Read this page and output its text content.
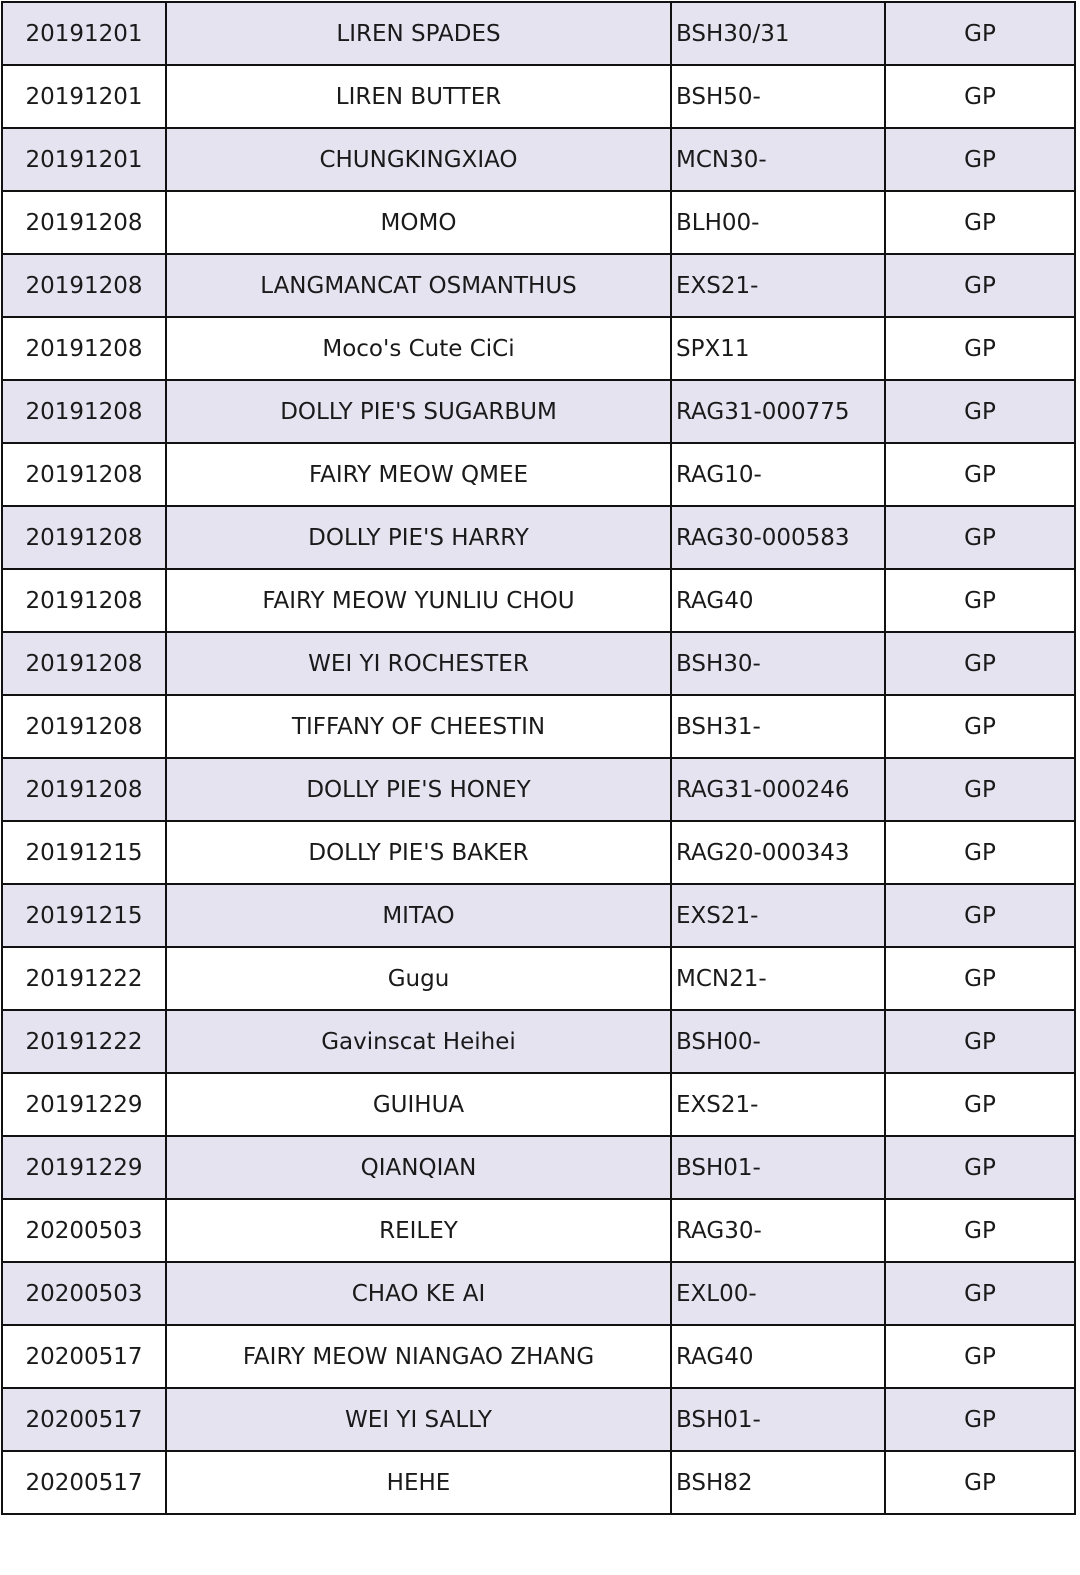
20191201	LIREN SPADES	BSH30/31	GP
20191201	LIREN BUTTER	BSH50-	GP
20191201	CHUNGKINGXIAO	MCN30-	GP
20191208	MOMO	BLH00-	GP
20191208	LANGMANCAT OSMANTHUS	EXS21-	GP
20191208	Moco's Cute CiCi	SPX11	GP
20191208	DOLLY PIE'S SUGARBUM	RAG31-000775	GP
20191208	FAIRY MEOW QMEE	RAG10-	GP
20191208	DOLLY PIE'S HARRY	RAG30-000583	GP
20191208	FAIRY MEOW YUNLIU CHOU	RAG40	GP
20191208	WEI YI ROCHESTER	BSH30-	GP
20191208	TIFFANY OF CHEESTIN	BSH31-	GP
20191208	DOLLY PIE'S HONEY	RAG31-000246	GP
20191215	DOLLY PIE'S BAKER	RAG20-000343	GP
20191215	MITAO	EXS21-	GP
20191222	Gugu	MCN21-	GP
20191222	Gavinscat Heihei	BSH00-	GP
20191229	GUIHUA	EXS21-	GP
20191229	QIANQIAN	BSH01-	GP
20200503	REILEY	RAG30-	GP
20200503	CHAO KE AI	EXL00-	GP
20200517	FAIRY MEOW NIANGAO ZHANG	RAG40	GP
20200517	WEI YI SALLY	BSH01-	GP
20200517	HEHE	BSH82	GP
